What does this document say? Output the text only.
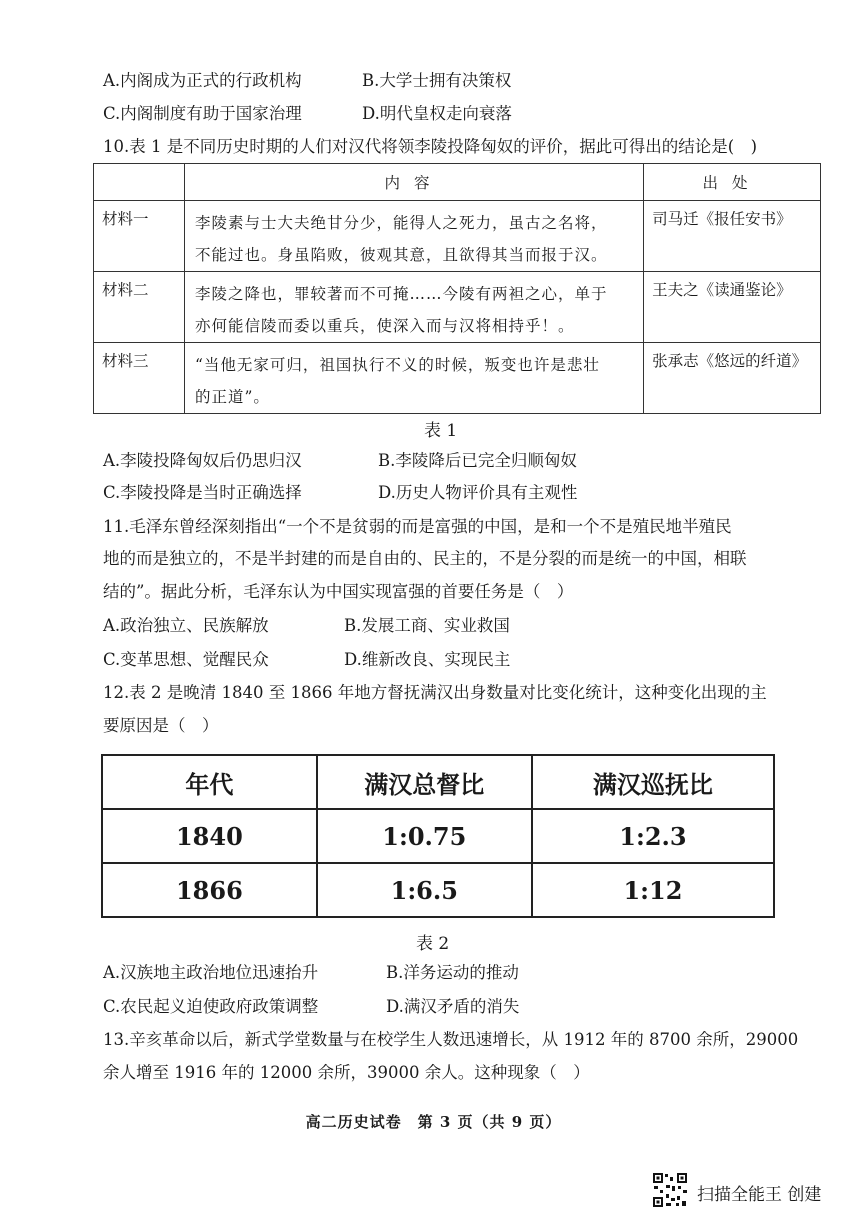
A.内阁成为正式的行政机构	B.大学士拥有决策权
C.内阁制度有助于国家治理	D.明代皇权走向衰落
10.表 1 是不同历史时期的人们对汉代将领李陵投降匈奴的评价，据此可得出的结论是(　)
	内容	出处
材料一	李陵素与士大夫绝甘分少，能得人之死力，虽古之名将，
不能过也。身虽陷败，彼观其意，且欲得其当而报于汉。	司马迁《报任安书》
材料二	李陵之降也，罪较著而不可掩……今陵有两袒之心，单于
亦何能信陵而委以重兵，使深入而与汉将相持乎！。	王夫之《读通鉴论》
材料三	“当他无家可归，祖国执行不义的时候，叛变也许是悲壮
的正道”。	张承志《悠远的纤道》
表 1
A.李陵投降匈奴后仍思归汉	B.李陵降后已完全归顺匈奴
C.李陵投降是当时正确选择	D.历史人物评价具有主观性
11.毛泽东曾经深刻指出“一个不是贫弱的而是富强的中国，是和一个不是殖民地半殖民
地的而是独立的，不是半封建的而是自由的、民主的，不是分裂的而是统一的中国，相联
结的”。据此分析，毛泽东认为中国实现富强的首要任务是（　）
A.政治独立、民族解放	B.发展工商、实业救国
C.变革思想、觉醒民众	D.维新改良、实现民主
12.表 2 是晚清 1840 至 1866 年地方督抚满汉出身数量对比变化统计，这种变化出现的主
要原因是（　）
年代	满汉总督比	满汉巡抚比
1840	1:0.75	1:2.3
1866	1:6.5	1:12
表 2
A.汉族地主政治地位迅速抬升	B.洋务运动的推动
C.农民起义迫使政府政策调整	D.满汉矛盾的消失
13.辛亥革命以后，新式学堂数量与在校学生人数迅速增长，从 1912 年的 8700 余所，29000
余人增至 1916 年的 12000 余所，39000 余人。这种现象（　）
高二历史试卷　第 3 页（共 9 页）
扫描全能王 创建
